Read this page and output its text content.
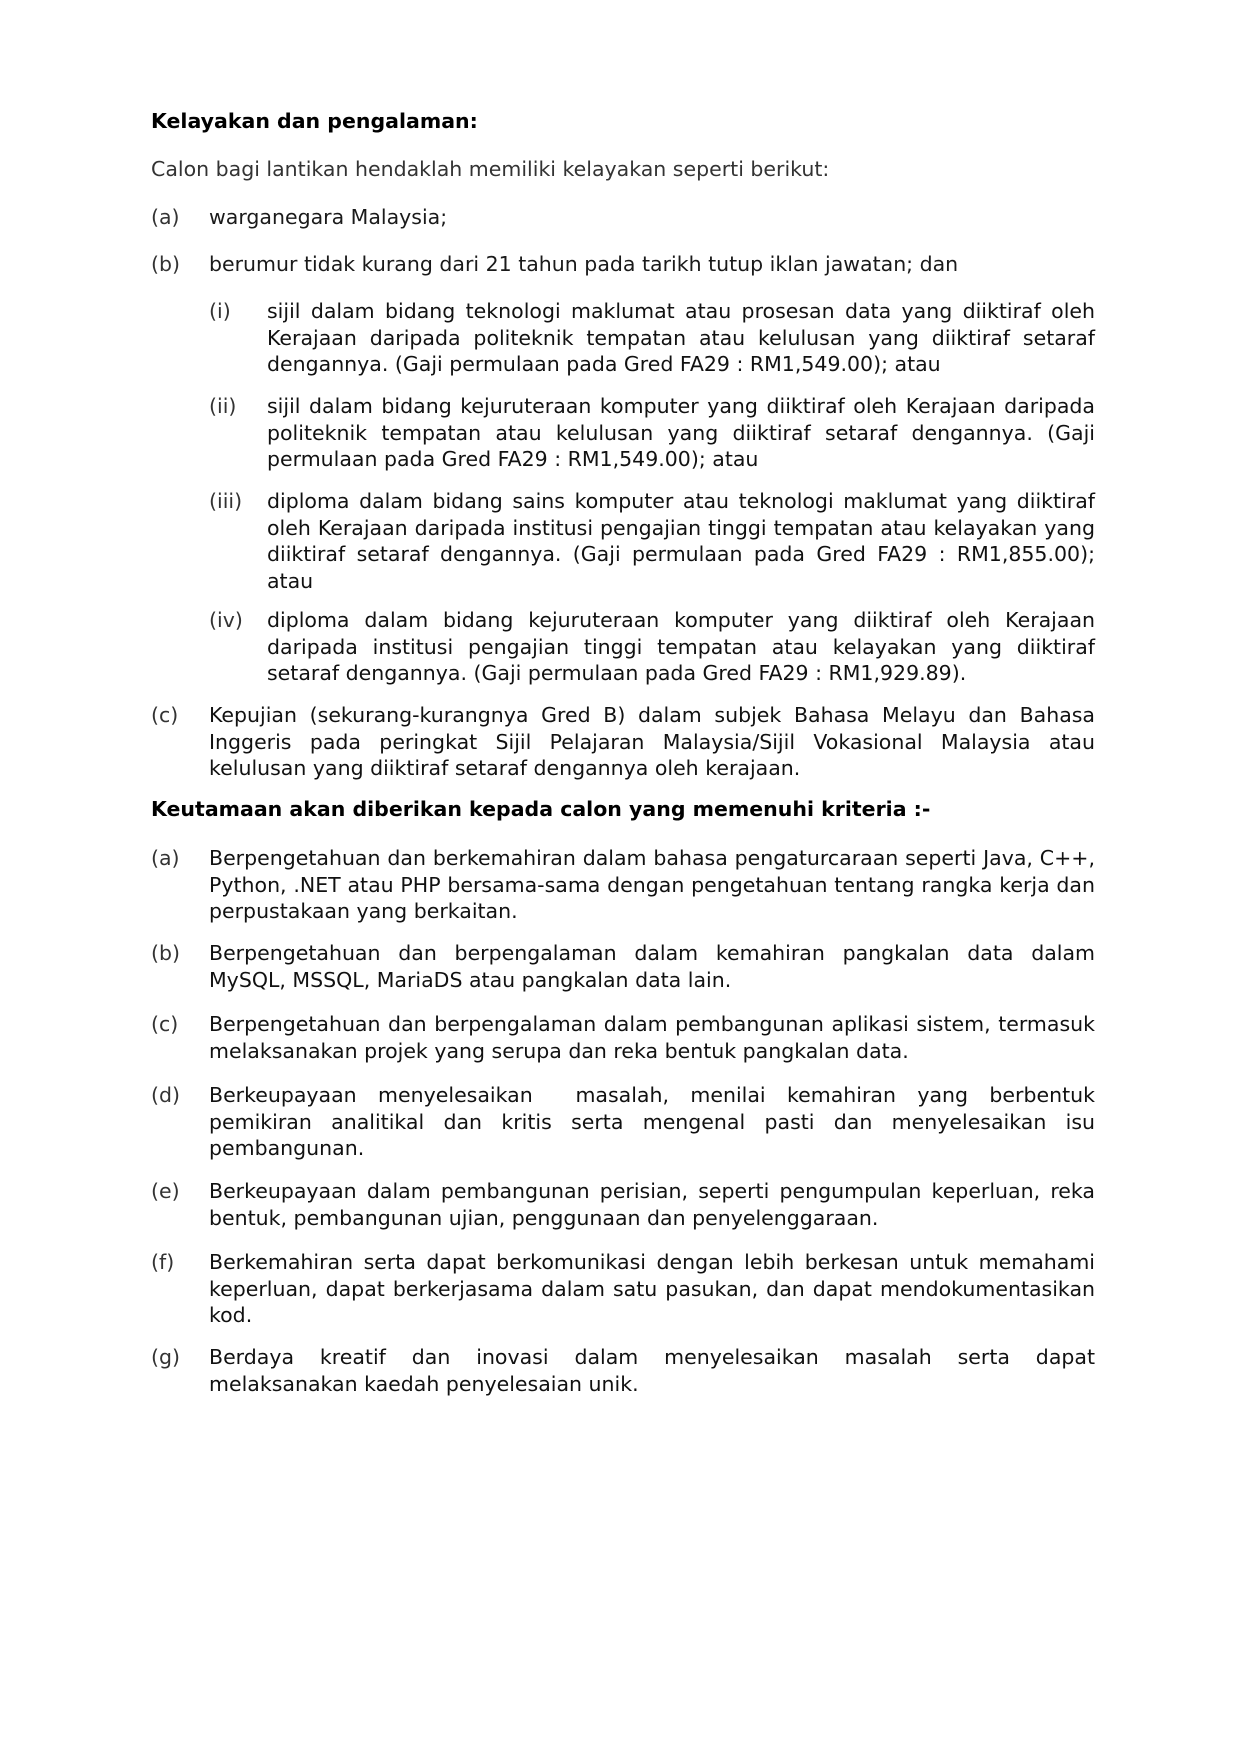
Kelayakan dan pengalaman:
Calon bagi lantikan hendaklah memiliki kelayakan seperti berikut:
(a)	warganegara Malaysia;
(b)	berumur tidak kurang dari 21 tahun pada tarikh tutup iklan jawatan; dan
(i)	sijil dalam bidang teknologi maklumat atau prosesan data yang diiktiraf oleh Kerajaan daripada politeknik tempatan atau kelulusan yang diiktiraf setaraf dengannya. (Gaji permulaan pada Gred FA29 : RM1,549.00); atau
(ii)	sijil dalam bidang kejuruteraan komputer yang diiktiraf oleh Kerajaan daripada politeknik tempatan atau kelulusan yang diiktiraf setaraf dengannya. (Gaji permulaan pada Gred FA29 : RM1,549.00); atau
(iii)	diploma dalam bidang sains komputer atau teknologi maklumat yang diiktiraf oleh Kerajaan daripada institusi pengajian tinggi tempatan atau kelayakan yang diiktiraf setaraf dengannya. (Gaji permulaan pada Gred FA29 : RM1,855.00); atau
(iv)	diploma dalam bidang kejuruteraan komputer yang diiktiraf oleh Kerajaan daripada institusi pengajian tinggi tempatan atau kelayakan yang diiktiraf setaraf dengannya. (Gaji permulaan pada Gred FA29 : RM1,929.89).
(c)	Kepujian (sekurang-kurangnya Gred B) dalam subjek Bahasa Melayu dan Bahasa Inggeris pada peringkat Sijil Pelajaran Malaysia/Sijil Vokasional Malaysia atau kelulusan yang diiktiraf setaraf dengannya oleh kerajaan.
Keutamaan akan diberikan kepada calon yang memenuhi kriteria :-
(a)	Berpengetahuan dan berkemahiran dalam bahasa pengaturcaraan seperti Java, C++, Python, .NET atau PHP bersama-sama dengan pengetahuan tentang rangka kerja dan perpustakaan yang berkaitan.
(b)	Berpengetahuan dan berpengalaman dalam kemahiran pangkalan data dalam MySQL, MSSQL, MariaDS atau pangkalan data lain.
(c)	Berpengetahuan dan berpengalaman dalam pembangunan aplikasi sistem, termasuk melaksanakan projek yang serupa dan reka bentuk pangkalan data.
(d)	Berkeupayaan menyelesaikan  masalah, menilai kemahiran yang berbentuk pemikiran analitikal dan kritis serta mengenal pasti dan menyelesaikan isu pembangunan.
(e)	Berkeupayaan dalam pembangunan perisian, seperti pengumpulan keperluan, reka bentuk, pembangunan ujian, penggunaan dan penyelenggaraan.
(f)	Berkemahiran serta dapat berkomunikasi dengan lebih berkesan untuk memahami keperluan, dapat berkerjasama dalam satu pasukan, dan dapat mendokumentasikan kod.
(g)	Berdaya kreatif dan inovasi dalam menyelesaikan masalah serta dapat melaksanakan kaedah penyelesaian unik.
